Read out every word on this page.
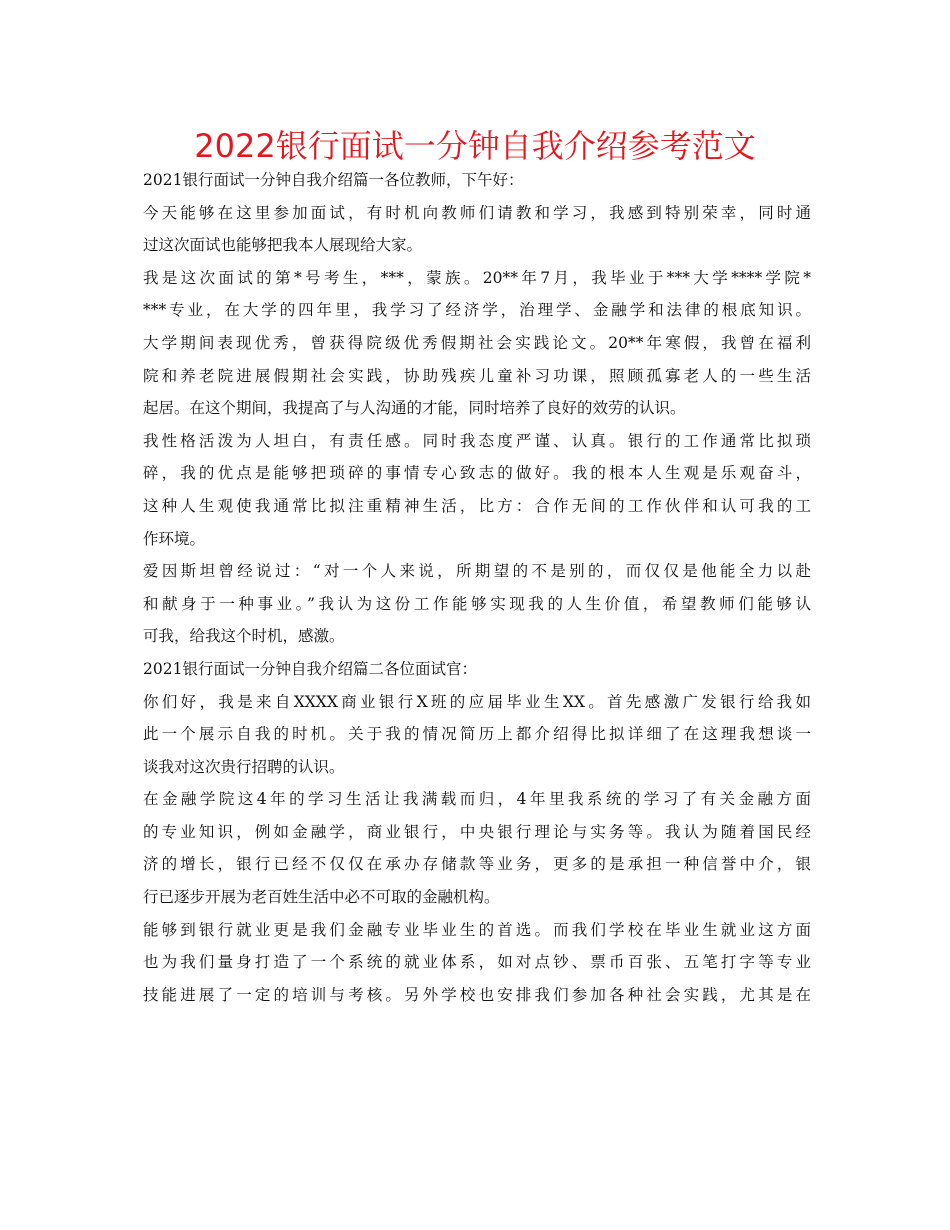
2022银行面试一分钟自我介绍参考范文
2021银行面试一分钟自我介绍篇一各位教师，下午好：
今天能够在这里参加面试，有时机向教师们请教和学习，我感到特别荣幸，同时通
过这次面试也能够把我本人展现给大家。
我是这次面试的第*号考生，***，蒙族。20**年7月，我毕业于***大学****学院*
***专业，在大学的四年里，我学习了经济学，治理学、金融学和法律的根底知识。
大学期间表现优秀，曾获得院级优秀假期社会实践论文。20**年寒假，我曾在福利
院和养老院进展假期社会实践，协助残疾儿童补习功课，照顾孤寡老人的一些生活
起居。在这个期间，我提高了与人沟通的才能，同时培养了良好的效劳的认识。
我性格活泼为人坦白，有责任感。同时我态度严谨、认真。银行的工作通常比拟琐
碎，我的优点是能够把琐碎的事情专心致志的做好。我的根本人生观是乐观奋斗，
这种人生观使我通常比拟注重精神生活，比方：合作无间的工作伙伴和认可我的工
作环境。
爱因斯坦曾经说过：“对一个人来说，所期望的不是别的，而仅仅是他能全力以赴
和献身于一种事业。”我认为这份工作能够实现我的人生价值，希望教师们能够认
可我，给我这个时机，感激。
2021银行面试一分钟自我介绍篇二各位面试官：
你们好，我是来自XXXX商业银行X班的应届毕业生XX。首先感激广发银行给我如
此一个展示自我的时机。关于我的情况简历上都介绍得比拟详细了在这理我想谈一
谈我对这次贵行招聘的认识。
在金融学院这4年的学习生活让我满载而归，4年里我系统的学习了有关金融方面
的专业知识，例如金融学，商业银行，中央银行理论与实务等。我认为随着国民经
济的增长，银行已经不仅仅在承办存储款等业务，更多的是承担一种信誉中介，银
行已逐步开展为老百姓生活中必不可取的金融机构。
能够到银行就业更是我们金融专业毕业生的首选。而我们学校在毕业生就业这方面
也为我们量身打造了一个系统的就业体系，如对点钞、票币百张、五笔打字等专业
技能进展了一定的培训与考核。另外学校也安排我们参加各种社会实践，尤其是在
